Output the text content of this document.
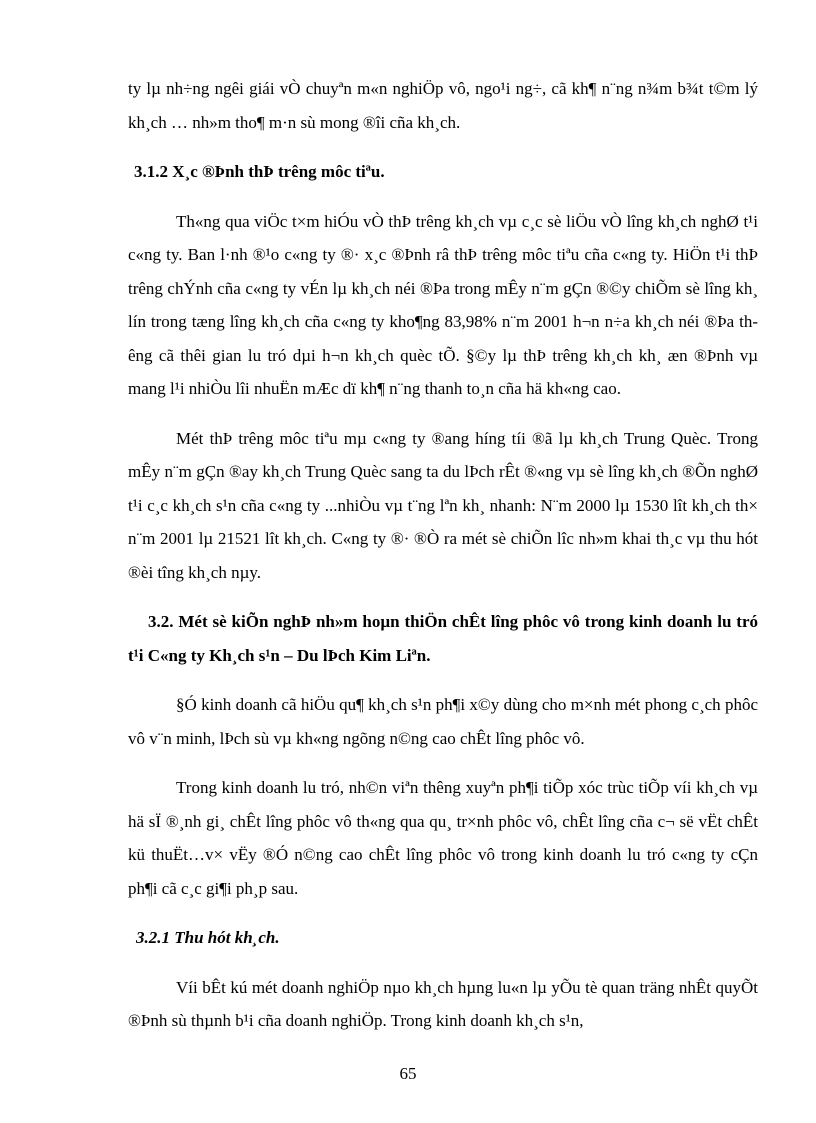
ty lµ nh÷ng ngêi giái vÒ chuyªn m«n nghiÖp vô, ngo¹i ng÷, cã kh¶ n¨ng n¾m b¾t t©m lý kh¸ch … nh»m tho¶ m·n sù mong ®îi cña kh¸ch.

3.1.2 X¸c ®Þnh thÞ trêng môc tiªu.

Th«ng qua viÖc t×m hiÓu vÒ thÞ trêng kh¸ch vµ c¸c sè liÖu vÒ lîng kh¸ch nghØ t¹i c«ng ty. Ban l·nh ®¹o c«ng ty ®· x¸c ®Þnh râ thÞ trêng môc tiªu cña c«ng ty. HiÖn t¹i thÞ trêng chÝnh cña c«ng ty vÉn lµ kh¸ch néi ®Þa trong mÊy n¨m gÇn ®©y chiÕm sè lîng kh¸ lín trong tæng lîng kh¸ch cña c«ng ty kho¶ng 83,98% n¨m 2001 h¬n n÷a kh¸ch néi ®Þa thêng cã thêi gian lu tró dµi h¬n kh¸ch quèc tÕ. §©y lµ thÞ trêng kh¸ch kh¸ æn ®Þnh vµ mang l¹i nhiÒu lîi nhuËn mÆc dï kh¶ n¨ng thanh to¸n cña hä kh«ng cao.

Mét thÞ trêng môc tiªu mµ c«ng ty ®ang híng tíi ®ã lµ kh¸ch Trung Quèc. Trong mÊy n¨m gÇn ®ay kh¸ch Trung Quèc sang ta du lÞch rÊt ®«ng vµ sè lîng kh¸ch ®Õn nghØ t¹i c¸c kh¸ch s¹n cña c«ng ty ...nhiÒu vµ t¨ng lªn kh¸ nhanh: N¨m 2000 lµ 1530 lît kh¸ch th× n¨m 2001 lµ 21521 lît kh¸ch. C«ng ty ®· ®Ò ra mét sè chiÕn lîc nh»m khai th¸c vµ thu hót ®èi tîng kh¸ch nµy.

3.2. Mét sè kiÕn nghÞ nh»m hoµn thiÖn chÊt lîng phôc vô trong kinh doanh lu tró t¹i C«ng ty Kh¸ch s¹n – Du lÞch Kim Liªn.

§Ó kinh doanh cã hiÖu qu¶ kh¸ch s¹n ph¶i x©y dùng cho m×nh mét phong c¸ch phôc vô v¨n minh, lÞch sù vµ kh«ng ngõng n©ng cao chÊt lîng phôc vô.

Trong kinh doanh lu tró, nh©n viªn thêng xuyªn ph¶i tiÕp xóc trùc tiÕp víi kh¸ch vµ hä sÏ ®¸nh gi¸ chÊt lîng phôc vô th«ng qua qu¸ tr×nh phôc vô, chÊt lîng cña c¬ së vËt chÊt kü thuËt…v× vËy ®Ó n©ng cao chÊt lîng phôc vô trong kinh doanh lu tró c«ng ty cÇn ph¶i cã c¸c gi¶i ph¸p sau.

3.2.1 Thu hót kh¸ch.

Víi bÊt kú mét doanh nghiÖp nµo kh¸ch hµng lu«n lµ yÕu tè quan träng nhÊt quyÕt ®Þnh sù thµnh b¹i cña doanh nghiÖp. Trong kinh doanh kh¸ch s¹n,

65
